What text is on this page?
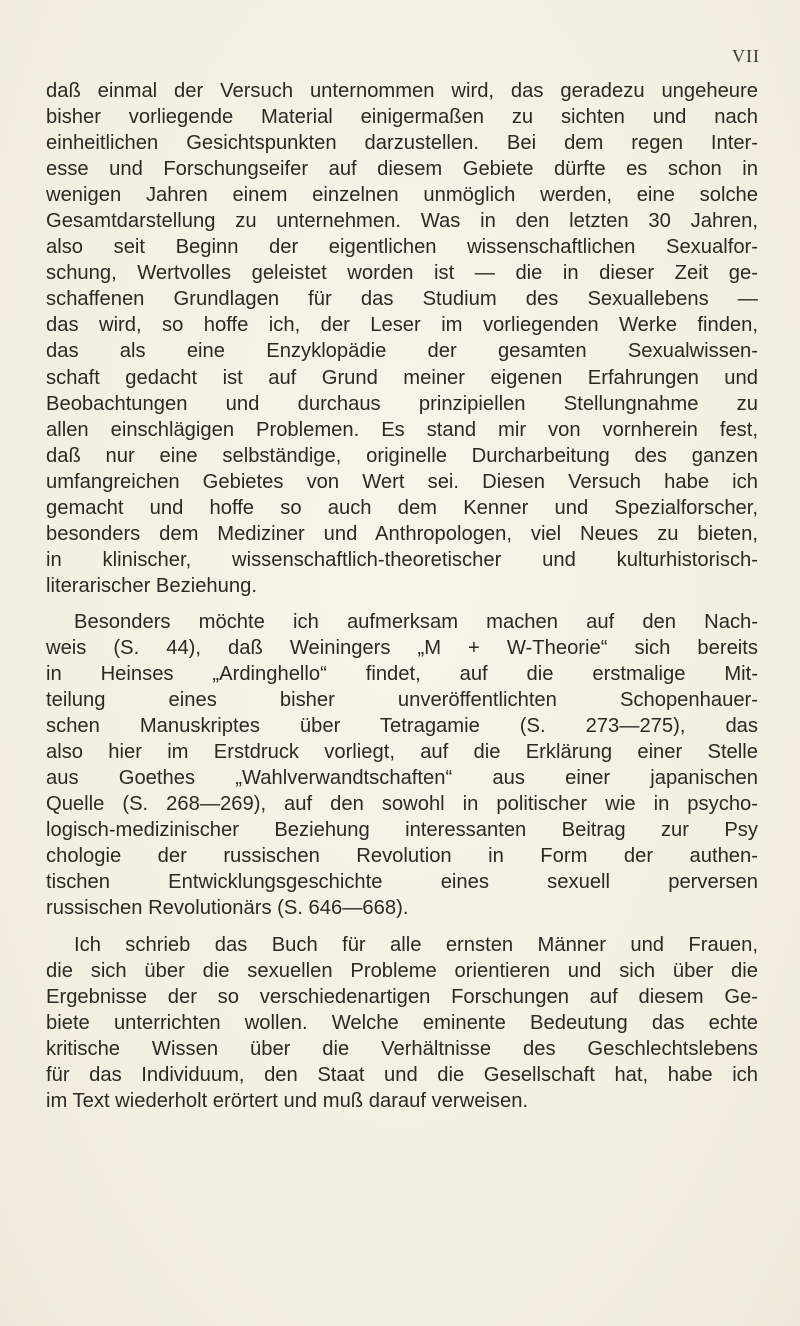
VII
daß einmal der Versuch unternommen wird, das geradezu ungeheure
bisher vorliegende Material einigermaßen zu sichten und nach
einheitlichen Gesichtspunkten darzustellen. Bei dem regen Inter-
esse und Forschungseifer auf diesem Gebiete dürfte es schon in
wenigen Jahren einem einzelnen unmöglich werden, eine solche
Gesamtdarstellung zu unternehmen. Was in den letzten 30 Jahren,
also seit Beginn der eigentlichen wissenschaftlichen Sexualfor-
schung, Wertvolles geleistet worden ist — die in dieser Zeit ge-
schaffenen Grundlagen für das Studium des Sexuallebens —
das wird, so hoffe ich, der Leser im vorliegenden Werke finden,
das als eine Enzyklopädie der gesamten Sexualwissen-
schaft gedacht ist auf Grund meiner eigenen Erfahrungen und
Beobachtungen und durchaus prinzipiellen Stellungnahme zu
allen einschlägigen Problemen. Es stand mir von vornherein fest,
daß nur eine selbständige, originelle Durcharbeitung des ganzen
umfangreichen Gebietes von Wert sei. Diesen Versuch habe ich
gemacht und hoffe so auch dem Kenner und Spezialforscher,
besonders dem Mediziner und Anthropologen, viel Neues zu bieten,
in klinischer, wissenschaftlich-theoretischer und kulturhistorisch-
literarischer Beziehung.
Besonders möchte ich aufmerksam machen auf den Nach-
weis (S. 44), daß Weiningers „M + W-Theorie“ sich bereits
in Heinses „Ardinghello“ findet, auf die erstmalige Mit-
teilung eines bisher unveröffentlichten Schopenhauer-
schen Manuskriptes über Tetragamie (S. 273—275), das
also hier im Erstdruck vorliegt, auf die Erklärung einer Stelle
aus Goethes „Wahlverwandtschaften“ aus einer japanischen
Quelle (S. 268—269), auf den sowohl in politischer wie in psycho-
logisch-medizinischer Beziehung interessanten Beitrag zur Psy
chologie der russischen Revolution in Form der authen-
tischen Entwicklungsgeschichte eines sexuell perversen
russischen Revolutionärs (S. 646—668).
Ich schrieb das Buch für alle ernsten Männer und Frauen,
die sich über die sexuellen Probleme orientieren und sich über die
Ergebnisse der so verschiedenartigen Forschungen auf diesem Ge-
biete unterrichten wollen. Welche eminente Bedeutung das echte
kritische Wissen über die Verhältnisse des Geschlechtslebens
für das Individuum, den Staat und die Gesellschaft hat, habe ich
im Text wiederholt erörtert und muß darauf verweisen.
